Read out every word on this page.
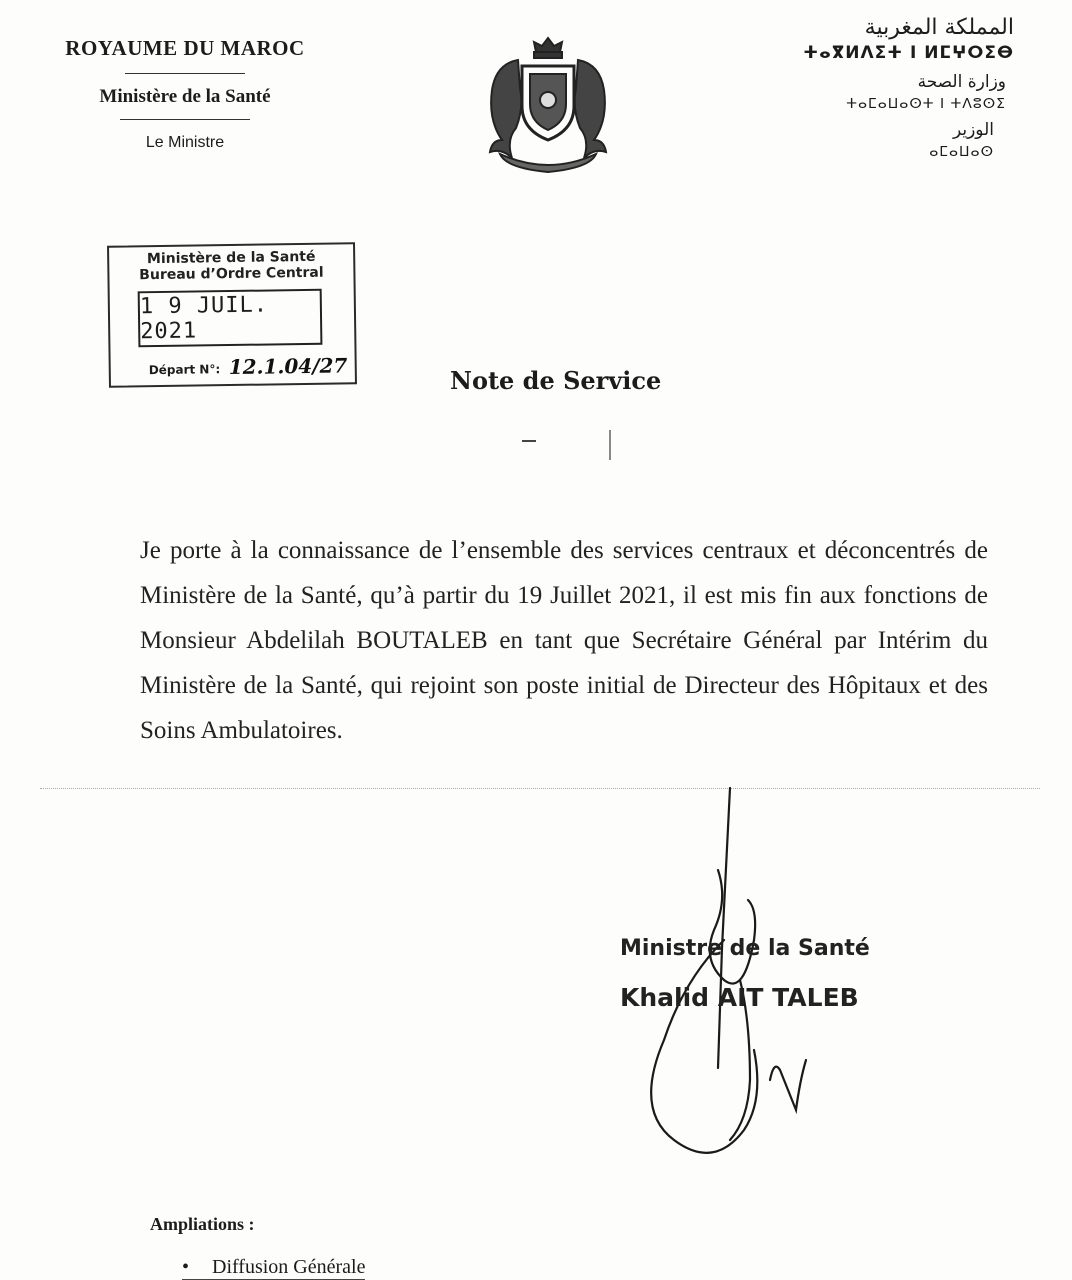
ROYAUME DU MAROC
Ministère de la Santé
Le Ministre
المملكة المغربية
ⵜⴰⴳⵍⴷⵉⵜ ⵏ ⵍⵎⵖⵔⵉⴱ
وزارة الصحة
ⵜⴰⵎⴰⵡⴰⵙⵜ ⵏ ⵜⴷⵓⵙⵉ
الوزير
ⴰⵎⴰⵡⴰⵙ
Ministère de la Santé
Bureau d’Ordre Central
1 9 JUIL. 2021
Départ N°: 12.1.04/27	Note de Service
Je porte à la connaissance de l’ensemble des services centraux et déconcentrés de Ministère de la Santé, qu’à partir du 19 Juillet 2021, il est mis fin aux fonctions de Monsieur Abdelilah BOUTALEB en tant que Secrétaire Général par Intérim du Ministère de la Santé, qui rejoint son poste initial de Directeur des Hôpitaux et des Soins Ambulatoires.
Ministre de la Santé
Khalid AIT TALEB
Ampliations :
• Diffusion Générale
